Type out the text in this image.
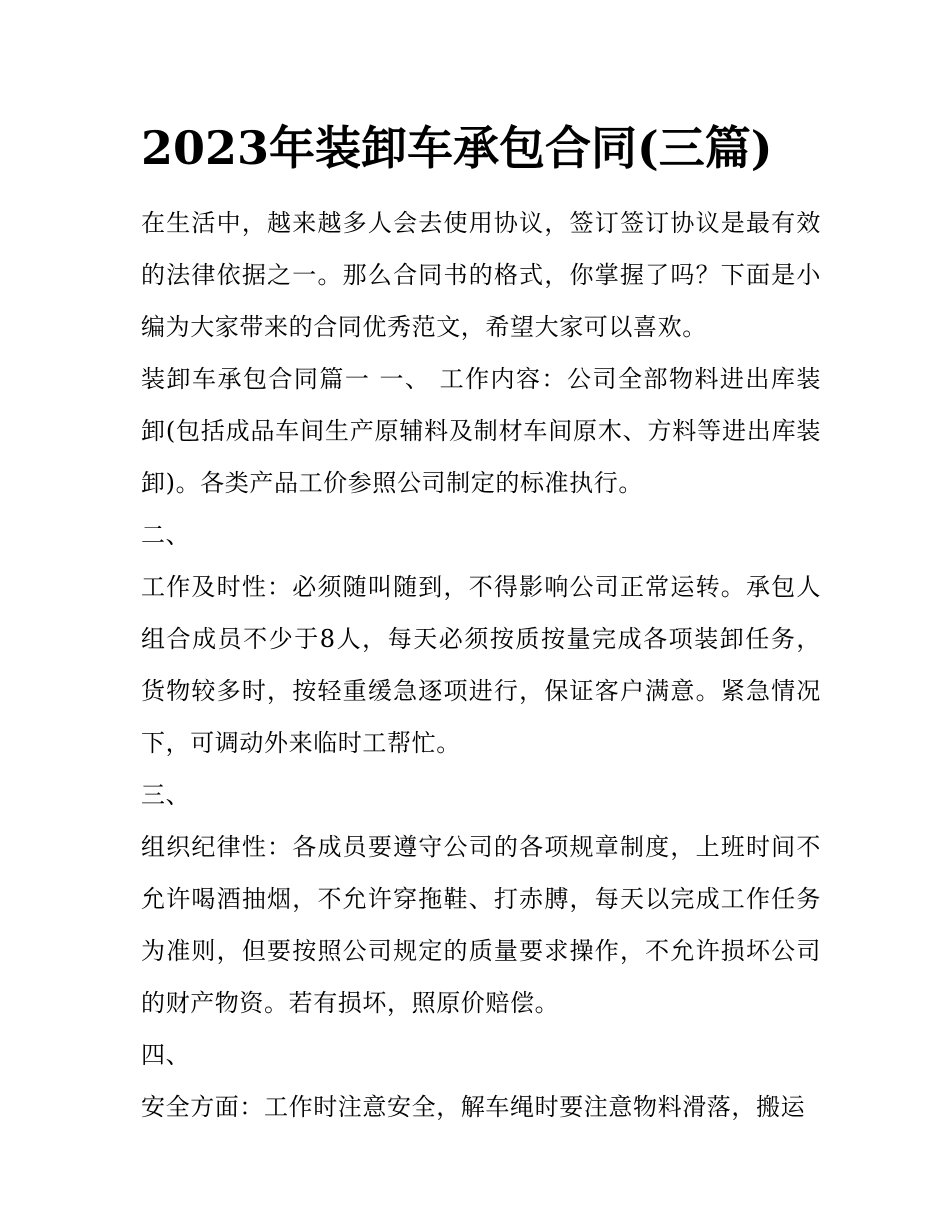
2023年装卸车承包合同(三篇)

在生活中，越来越多人会去使用协议，签订签订协议是最有效的法律依据之一。那么合同书的格式，你掌握了吗？下面是小编为大家带来的合同优秀范文，希望大家可以喜欢。

装卸车承包合同篇一 一、 工作内容：公司全部物料进出库装卸(包括成品车间生产原辅料及制材车间原木、方料等进出库装卸)。各类产品工价参照公司制定的标准执行。

二、

工作及时性：必须随叫随到，不得影响公司正常运转。承包人组合成员不少于8人，每天必须按质按量完成各项装卸任务，货物较多时，按轻重缓急逐项进行，保证客户满意。紧急情况下，可调动外来临时工帮忙。

三、

组织纪律性：各成员要遵守公司的各项规章制度，上班时间不允许喝酒抽烟，不允许穿拖鞋、打赤膊，每天以完成工作任务为准则，但要按照公司规定的质量要求操作，不允许损坏公司的财产物资。若有损坏，照原价赔偿。

四、

安全方面：工作时注意安全，解车绳时要注意物料滑落，搬运
